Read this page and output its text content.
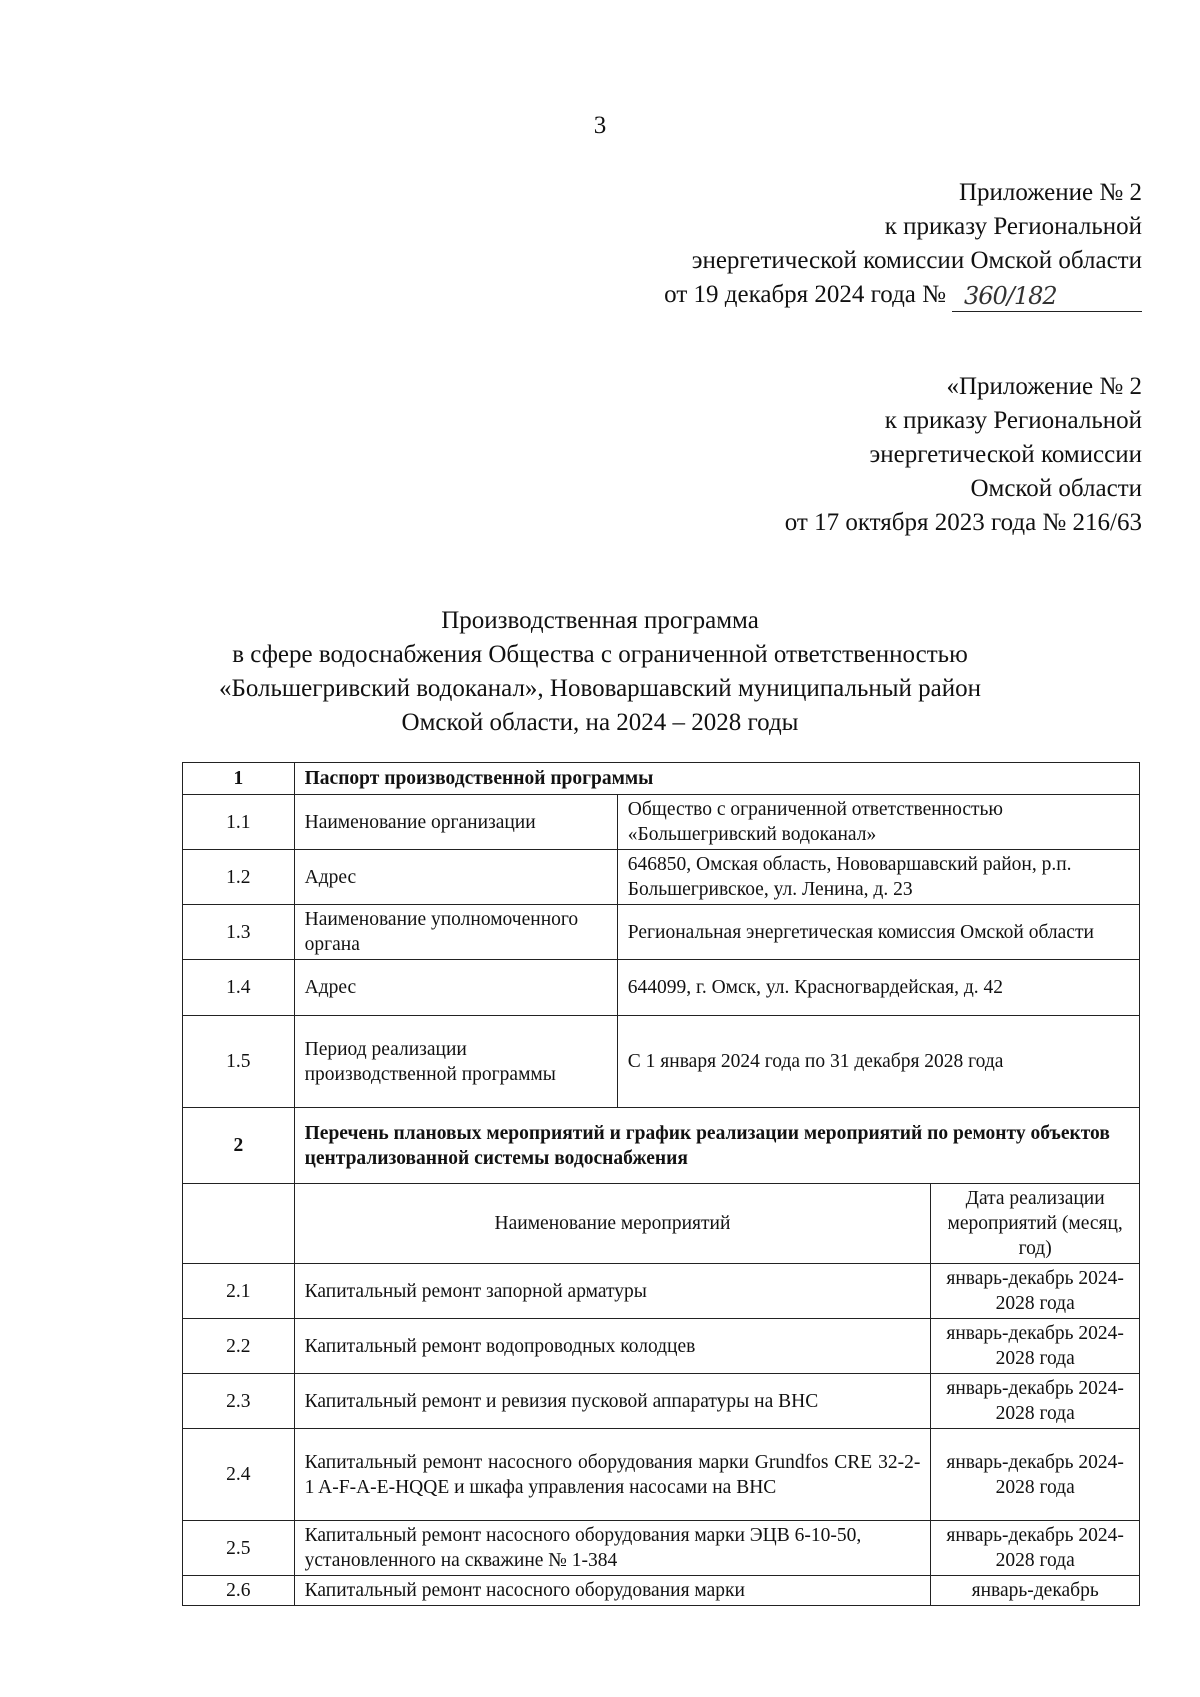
3
Приложение № 2
к приказу Региональной
энергетической комиссии Омской области
от 19 декабря 2024 года № 360/182
«Приложение № 2
к приказу Региональной
энергетической комиссии
Омской области
от 17 октября 2023 года № 216/63
Производственная программа
в сфере водоснабжения Общества с ограниченной ответственностью
«Большегривский водоканал», Нововаршавский муниципальный район
Омской области, на 2024 – 2028 годы
1	Паспорт производственной программы		
1.1	Наименование организации	Общество с ограниченной ответственностью «Большегривский водоканал»	
1.2	Адрес	646850, Омская область, Нововаршавский район, р.п. Большегривское, ул. Ленина, д. 23	
1.3	Наименование уполномоченного органа	Региональная энергетическая комиссия Омской области	
1.4	Адрес	644099, г. Омск, ул. Красногвардейская, д. 42	
1.5	Период реализации производственной программы	С 1 января 2024 года по 31 декабря 2028 года	
2	Перечень плановых мероприятий и график реализации мероприятий по ремонту объектов централизованной системы водоснабжения		
	Наименование мероприятий		Дата реализации мероприятий (месяц, год)
2.1	Капитальный ремонт запорной арматуры		январь-декабрь 2024-2028 года
2.2	Капитальный ремонт водопроводных колодцев		январь-декабрь 2024-2028 года
2.3	Капитальный ремонт и ревизия пусковой аппаратуры на ВНС		январь-декабрь 2024-2028 года
2.4	Капитальный ремонт насосного оборудования марки Grundfos CRE 32-2-1 A-F-A-E-HQQE и шкафа управления насосами на ВНС		январь-декабрь 2024-2028 года
2.5	Капитальный ремонт насосного оборудования марки ЭЦВ 6-10-50, установленного на скважине № 1-384		январь-декабрь 2024-2028 года
2.6	Капитальный ремонт насосного оборудования марки		январь-декабрь
